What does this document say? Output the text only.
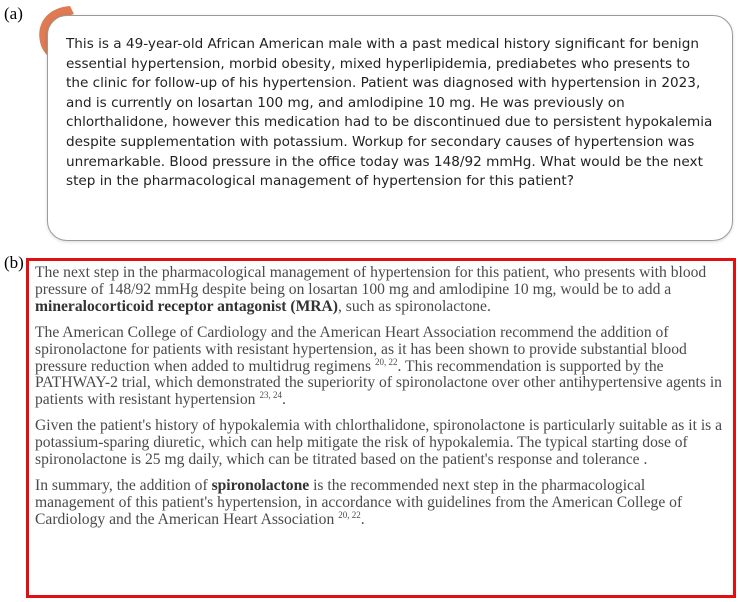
(a)
This is a 49-year-old African American male with a past medical history significant for benign essential hypertension, morbid obesity, mixed hyperlipidemia, prediabetes who presents to the clinic for follow-up of his hypertension. Patient was diagnosed with hypertension in 2023, and is currently on losartan 100 mg, and amlodipine 10 mg. He was previously on chlorthalidone, however this medication had to be discontinued due to persistent hypokalemia despite supplementation with potassium. Workup for secondary causes of hypertension was unremarkable. Blood pressure in the office today was 148/92 mmHg. What would be the next step in the pharmacological management of hypertension for this patient?
(b)

The next step in the pharmacological management of hypertension for this patient, who presents with blood pressure of 148/92 mmHg despite being on losartan 100 mg and amlodipine 10 mg, would be to add a mineralocorticoid receptor antagonist (MRA), such as spironolactone.

The American College of Cardiology and the American Heart Association recommend the addition of spironolactone for patients with resistant hypertension, as it has been shown to provide substantial blood pressure reduction when added to multidrug regimens $^{20, 22}$. This recommendation is supported by the PATHWAY-2 trial, which demonstrated the superiority of spironolactone over other antihypertensive agents in patients with resistant hypertension $^{23, 24}$.

Given the patient's history of hypokalemia with chlorthalidone, spironolactone is particularly suitable as it is a potassium-sparing diuretic, which can help mitigate the risk of hypokalemia. The typical starting dose of spironolactone is 25 mg daily, which can be titrated based on the patient's response and tolerance .

In summary, the addition of spironolactone is the recommended next step in the pharmacological management of this patient's hypertension, in accordance with guidelines from the American College of Cardiology and the American Heart Association $^{20, 22}$.
